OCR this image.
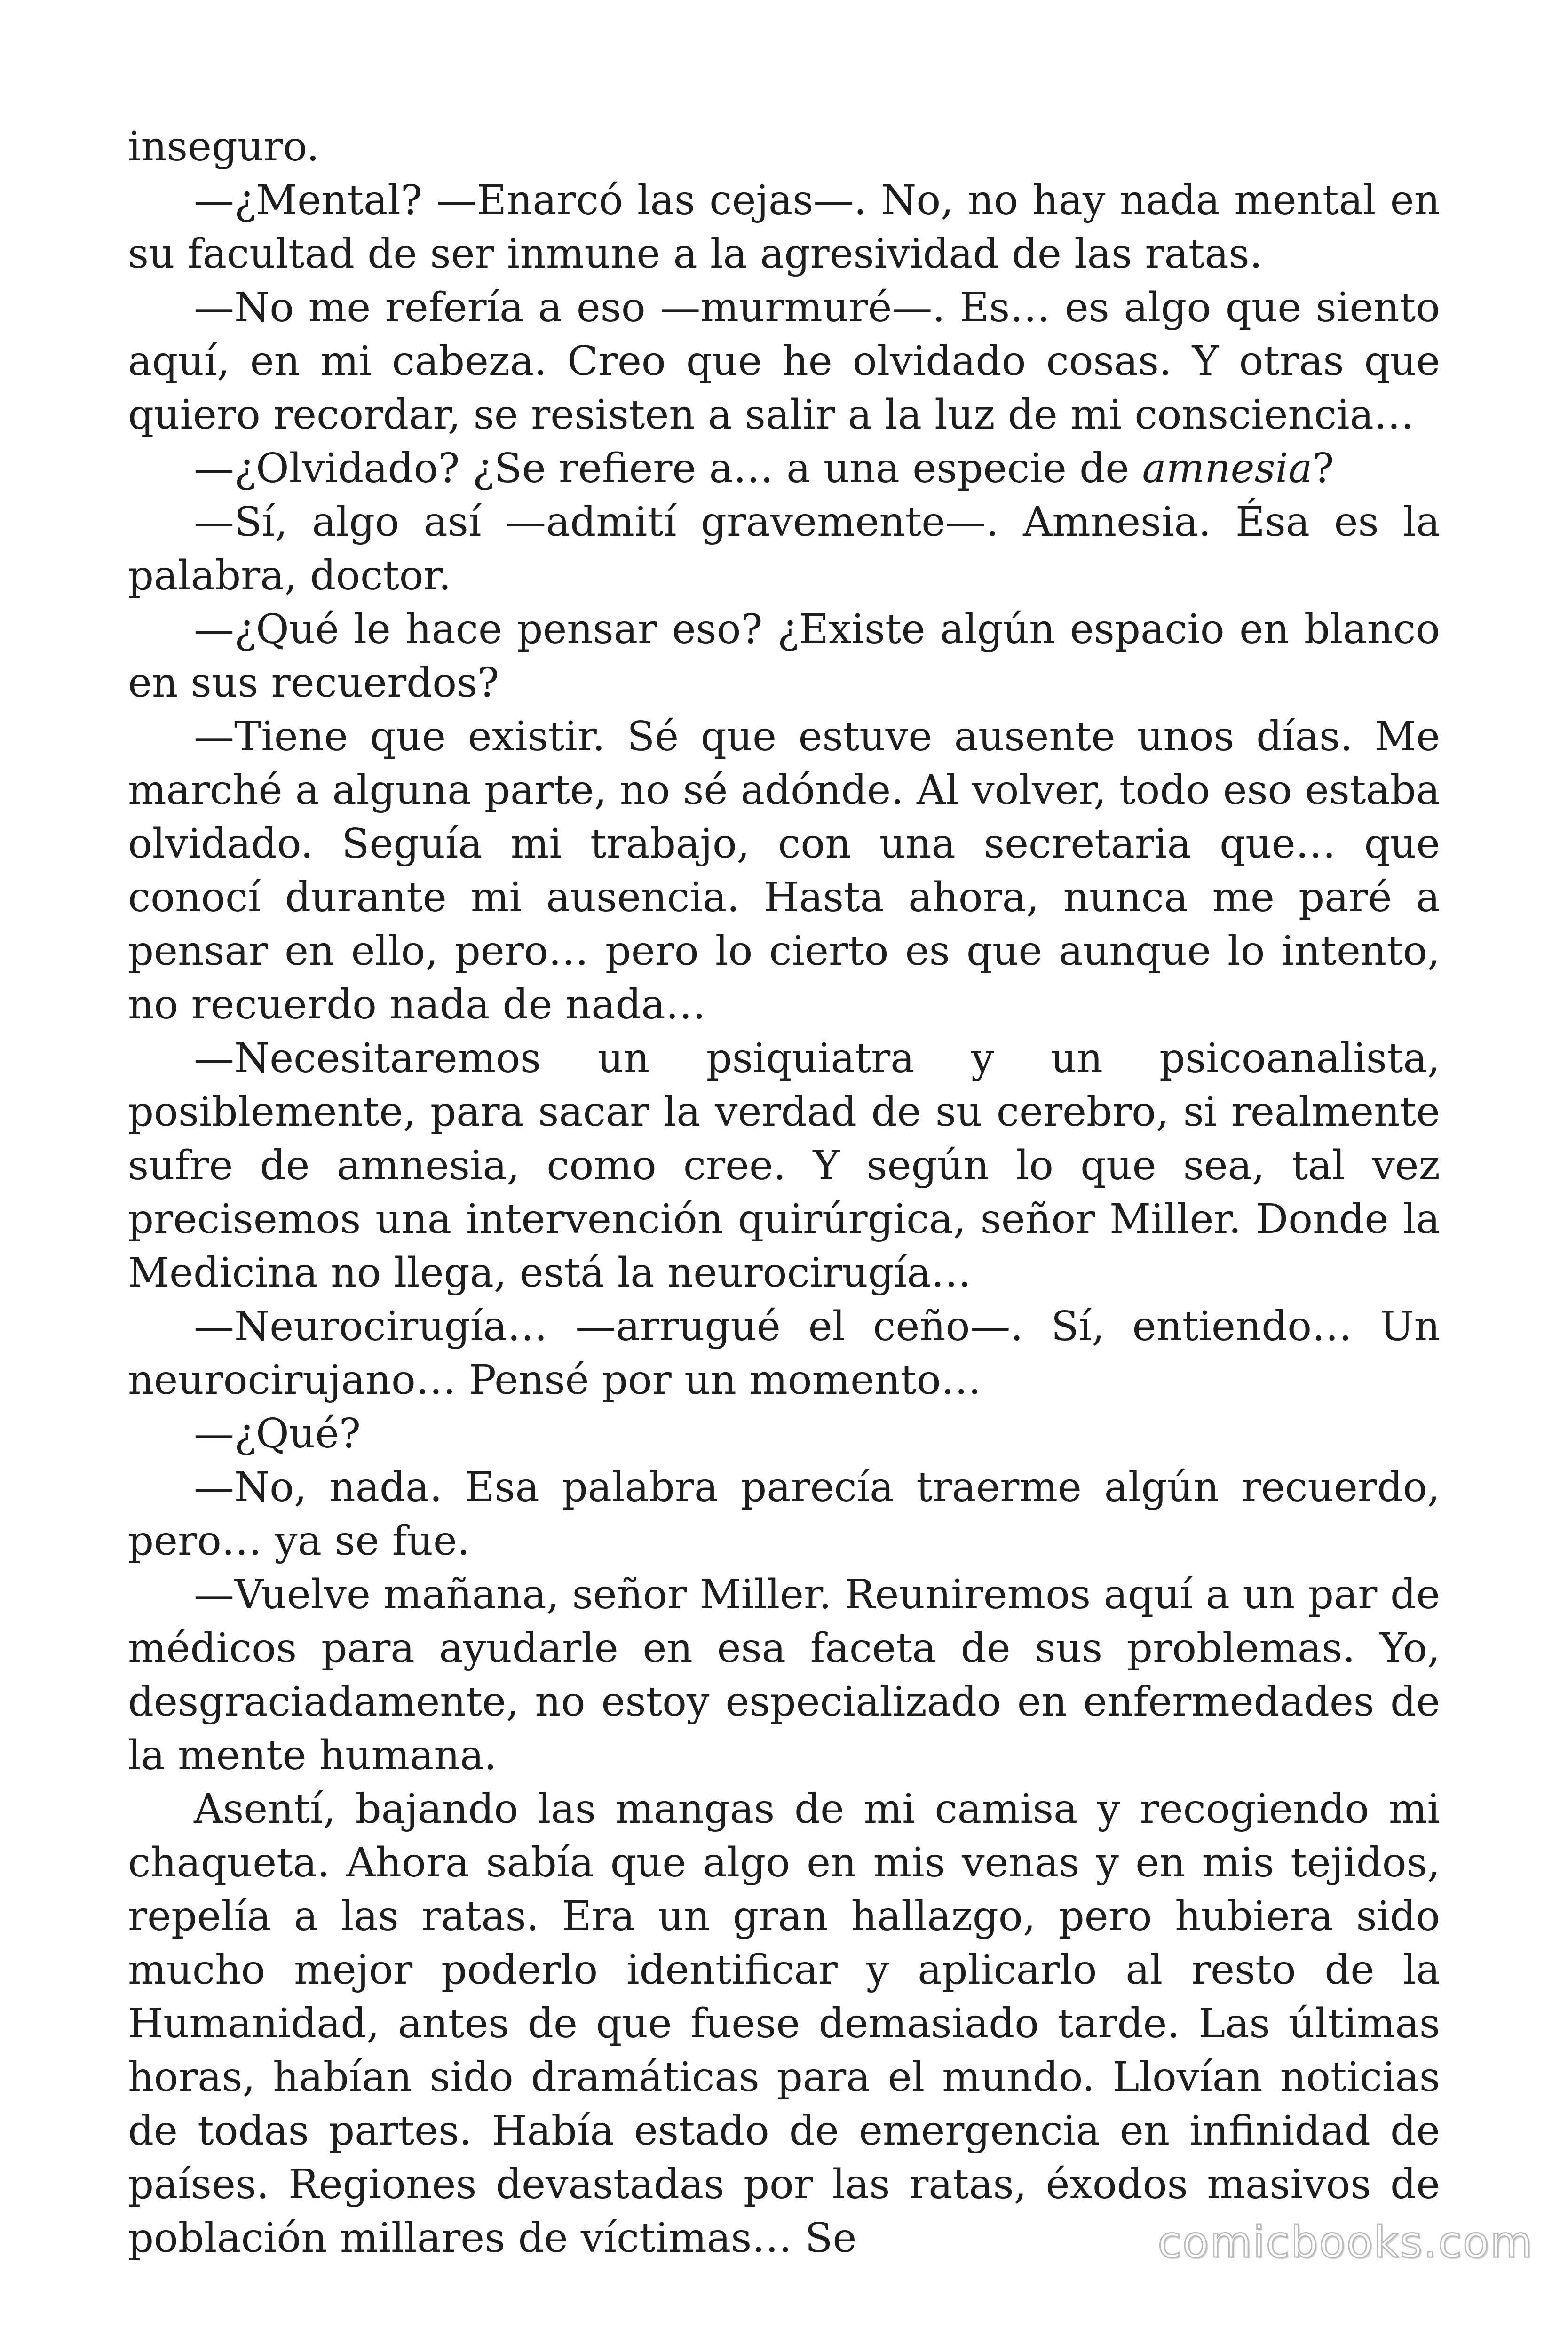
inseguro.

—¿Mental? —Enarcó las cejas—. No, no hay nada mental en su facultad de ser inmune a la agresividad de las ratas.

—No me refería a eso —murmuré—. Es… es algo que siento aquí, en mi cabeza. Creo que he olvidado cosas. Y otras que quiero recordar, se resisten a salir a la luz de mi consciencia…

—¿Olvidado? ¿Se refiere a… a una especie de amnesia?

—Sí, algo así —admití gravemente—. Amnesia. Ésa es la palabra, doctor.

—¿Qué le hace pensar eso? ¿Existe algún espacio en blanco en sus recuerdos?

—Tiene que existir. Sé que estuve ausente unos días. Me marché a alguna parte, no sé adónde. Al volver, todo eso estaba olvidado. Seguía mi trabajo, con una secretaria que… que conocí durante mi ausencia. Hasta ahora, nunca me paré a pensar en ello, pero… pero lo cierto es que aunque lo intento, no recuerdo nada de nada…

—Necesitaremos un psiquiatra y un psicoanalista, posiblemente, para sacar la verdad de su cerebro, si realmente sufre de amnesia, como cree. Y según lo que sea, tal vez precisemos una intervención quirúrgica, señor Miller. Donde la Medicina no llega, está la neurocirugía…

—Neurocirugía… —arrugué el ceño—. Sí, entiendo… Un neurocirujano… Pensé por un momento…

—¿Qué?

—No, nada. Esa palabra parecía traerme algún recuerdo, pero… ya se fue.

—Vuelve mañana, señor Miller. Reuniremos aquí a un par de médicos para ayudarle en esa faceta de sus problemas. Yo, desgraciadamente, no estoy especializado en enfermedades de la mente humana.

Asentí, bajando las mangas de mi camisa y recogiendo mi chaqueta. Ahora sabía que algo en mis venas y en mis tejidos, repelía a las ratas. Era un gran hallazgo, pero hubiera sido mucho mejor poderlo identificar y aplicarlo al resto de la Humanidad, antes de que fuese demasiado tarde. Las últimas horas, habían sido dramáticas para el mundo. Llovían noticias de todas partes. Había estado de emergencia en infinidad de países. Regiones devastadas por las ratas, éxodos masivos de población millares de víctimas… Se	comicbooks.com
